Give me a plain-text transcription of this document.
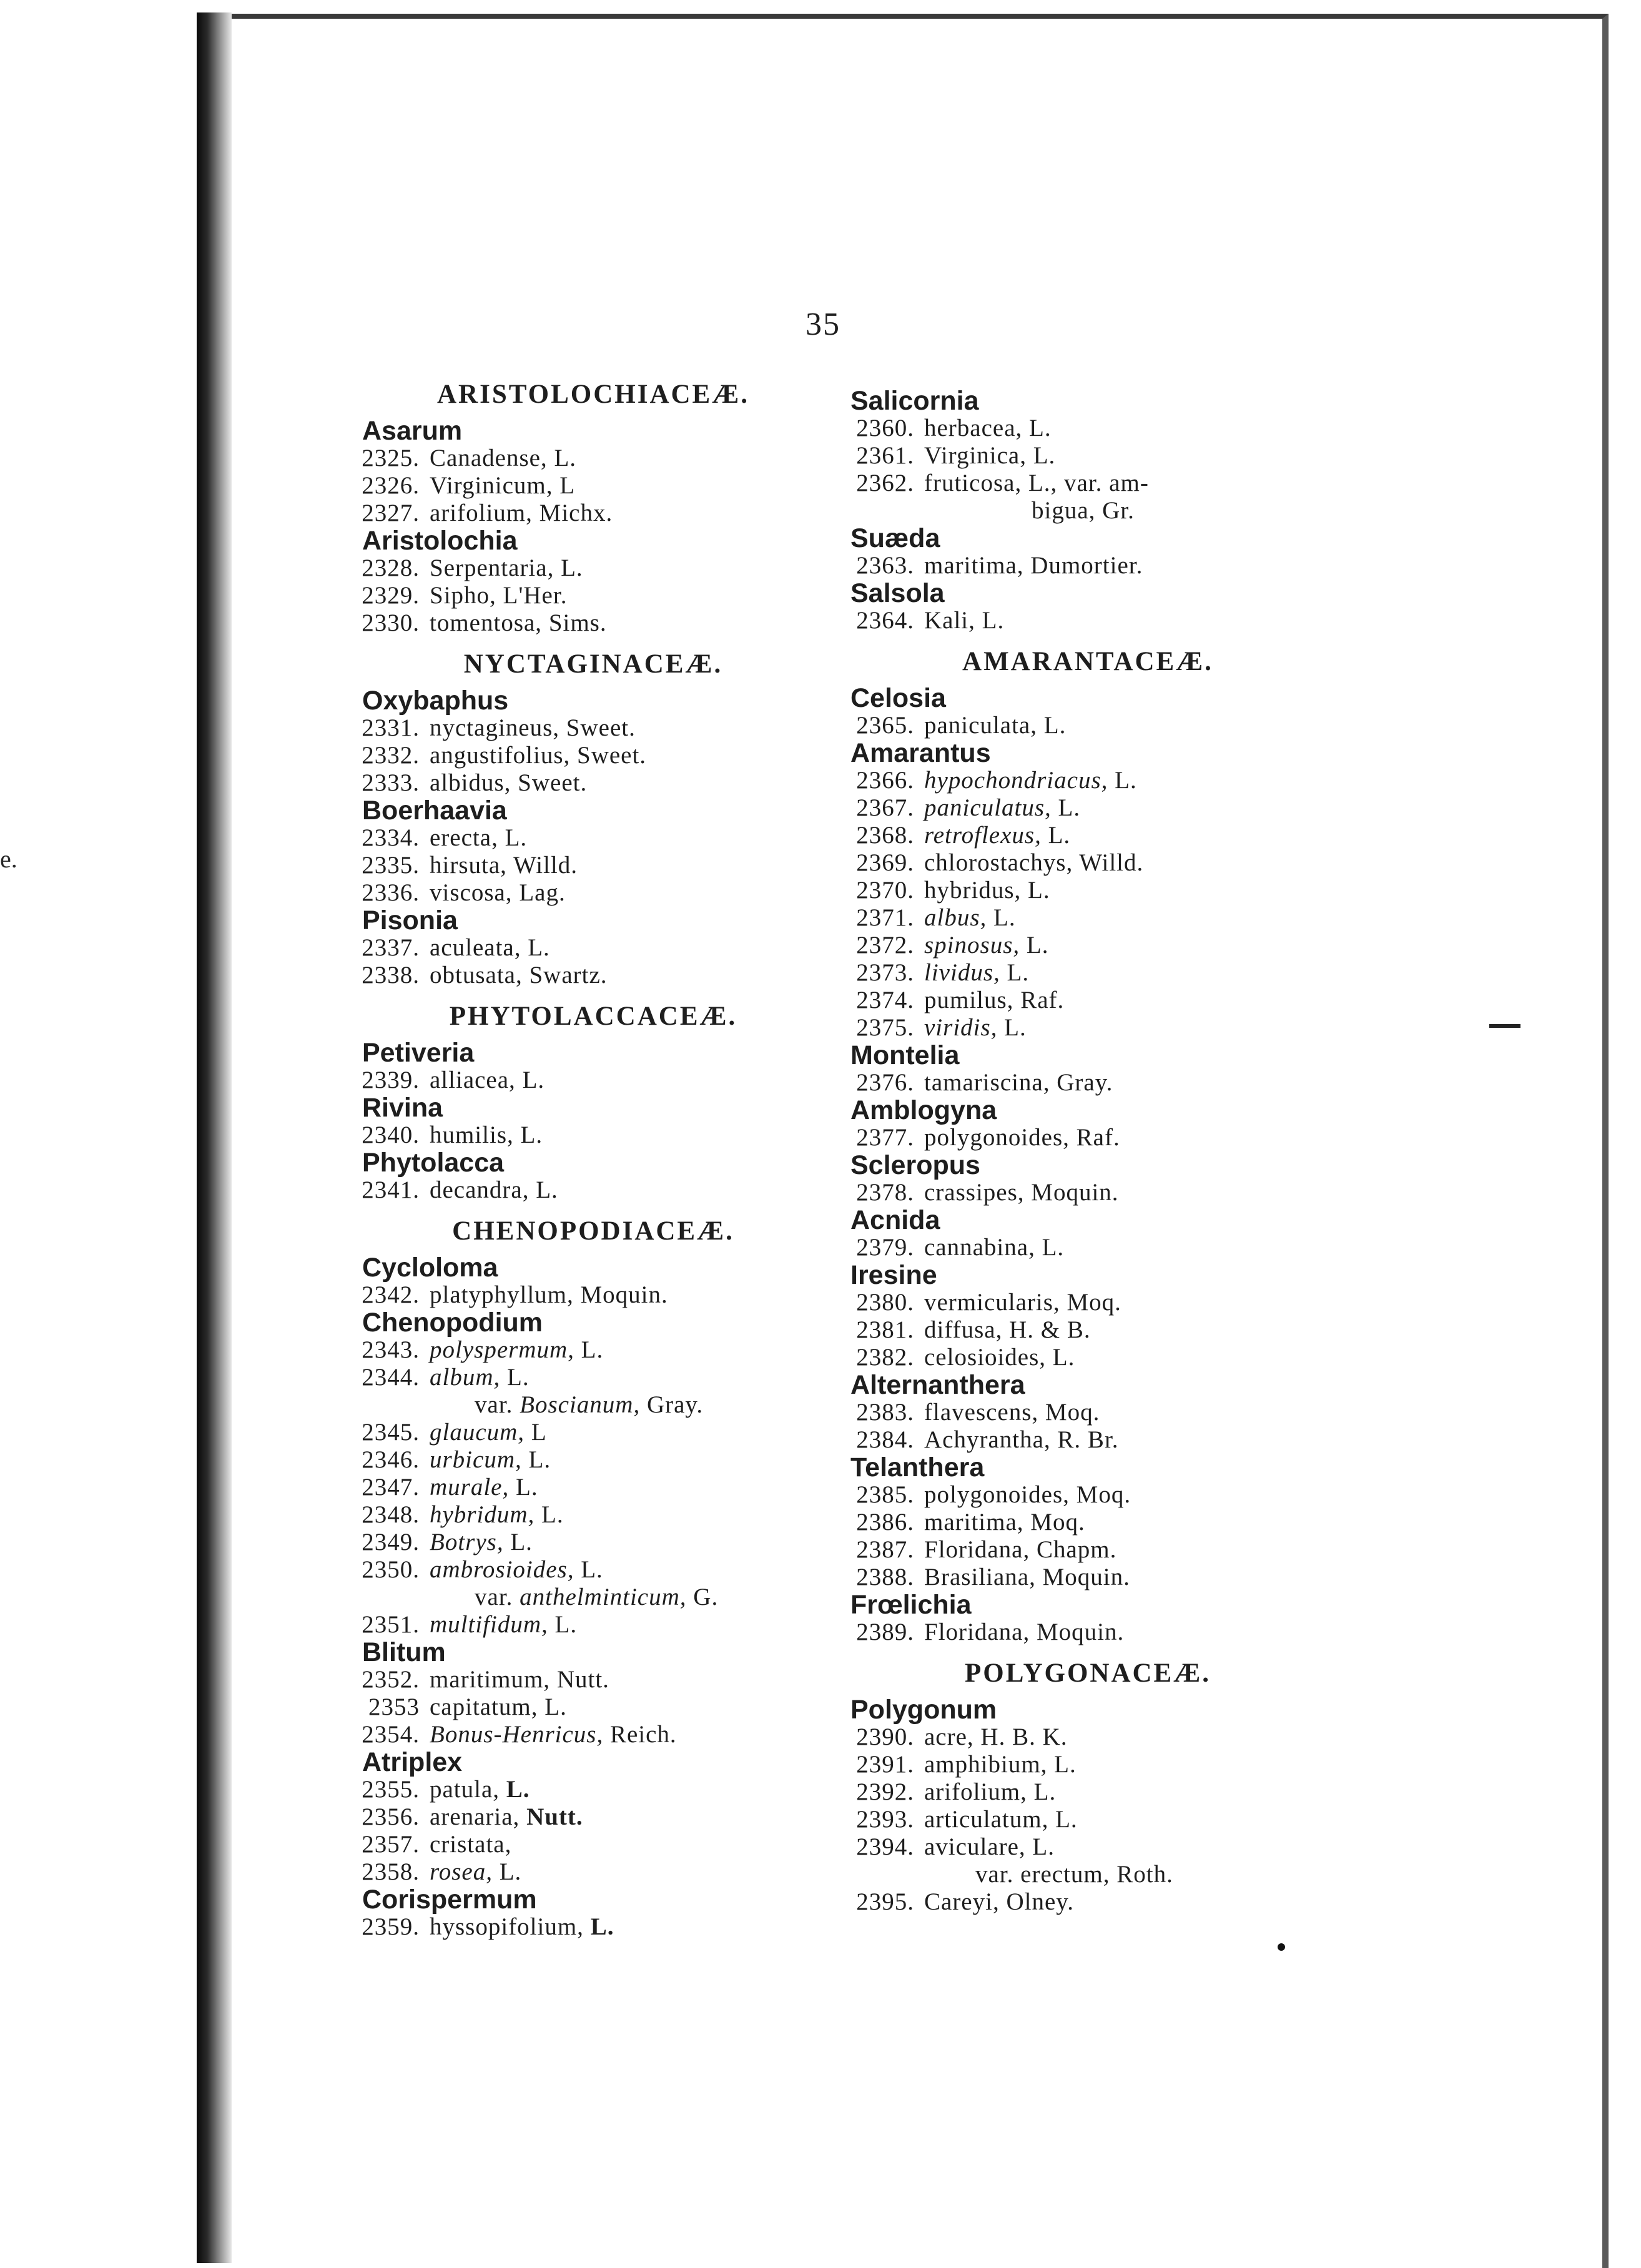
e.
35
ARISTOLOCHIACEÆ.
Asarum
2325. Canadense, L.
2326. Virginicum, L
2327. arifolium, Michx.
Aristolochia
2328. Serpentaria, L.
2329. Sipho, L'Her.
2330. tomentosa, Sims.
NYCTAGINACEÆ.
Oxybaphus
2331. nyctagineus, Sweet.
2332. angustifolius, Sweet.
2333. albidus, Sweet.
Boerhaavia
2334. erecta, L.
2335. hirsuta, Willd.
2336. viscosa, Lag.
Pisonia
2337. aculeata, L.
2338. obtusata, Swartz.
PHYTOLACCACEÆ.
Petiveria
2339. alliacea, L.
Rivina
2340. humilis, L.
Phytolacca
2341. decandra, L.
CHENOPODIACEÆ.
Cycloloma
2342. platyphyllum, Moquin.
Chenopodium
2343. polyspermum, L.
2344. album, L.
var. Boscianum, Gray.
2345. glaucum, L
2346. urbicum, L.
2347. murale, L.
2348. hybridum, L.
2349. Botrys, L.
2350. ambrosioides, L.
var. anthelminticum, G.
2351. multifidum, L.
Blitum
2352. maritimum, Nutt.
2353 capitatum, L.
2354. Bonus-Henricus, Reich.
Atriplex
2355. patula, L.
2356. arenaria, Nutt.
2357. cristata,
2358. rosea, L.
Corispermum
2359. hyssopifolium, L.
Salicornia
2360. herbacea, L.
2361. Virginica, L.
2362. fruticosa, L., var. am-
bigua, Gr.
Suæda
2363. maritima, Dumortier.
Salsola
2364. Kali, L.
AMARANTACEÆ.
Celosia
2365. paniculata, L.
Amarantus
2366. hypochondriacus, L.
2367. paniculatus, L.
2368. retroflexus, L.
2369. chlorostachys, Willd.
2370. hybridus, L.
2371. albus, L.
2372. spinosus, L.
2373. lividus, L.
2374. pumilus, Raf.
2375. viridis, L.
Montelia
2376. tamariscina, Gray.
Amblogyna
2377. polygonoides, Raf.
Scleropus
2378. crassipes, Moquin.
Acnida
2379. cannabina, L.
Iresine
2380. vermicularis, Moq.
2381. diffusa, H. & B.
2382. celosioides, L.
Alternanthera
2383. flavescens, Moq.
2384. Achyrantha, R. Br.
Telanthera
2385. polygonoides, Moq.
2386. maritima, Moq.
2387. Floridana, Chapm.
2388. Brasiliana, Moquin.
Frœlichia
2389. Floridana, Moquin.
POLYGONACEÆ.
Polygonum
2390. acre, H. B. K.
2391. amphibium, L.
2392. arifolium, L.
2393. articulatum, L.
2394. aviculare, L.
var. erectum, Roth.
2395. Careyi, Olney.
